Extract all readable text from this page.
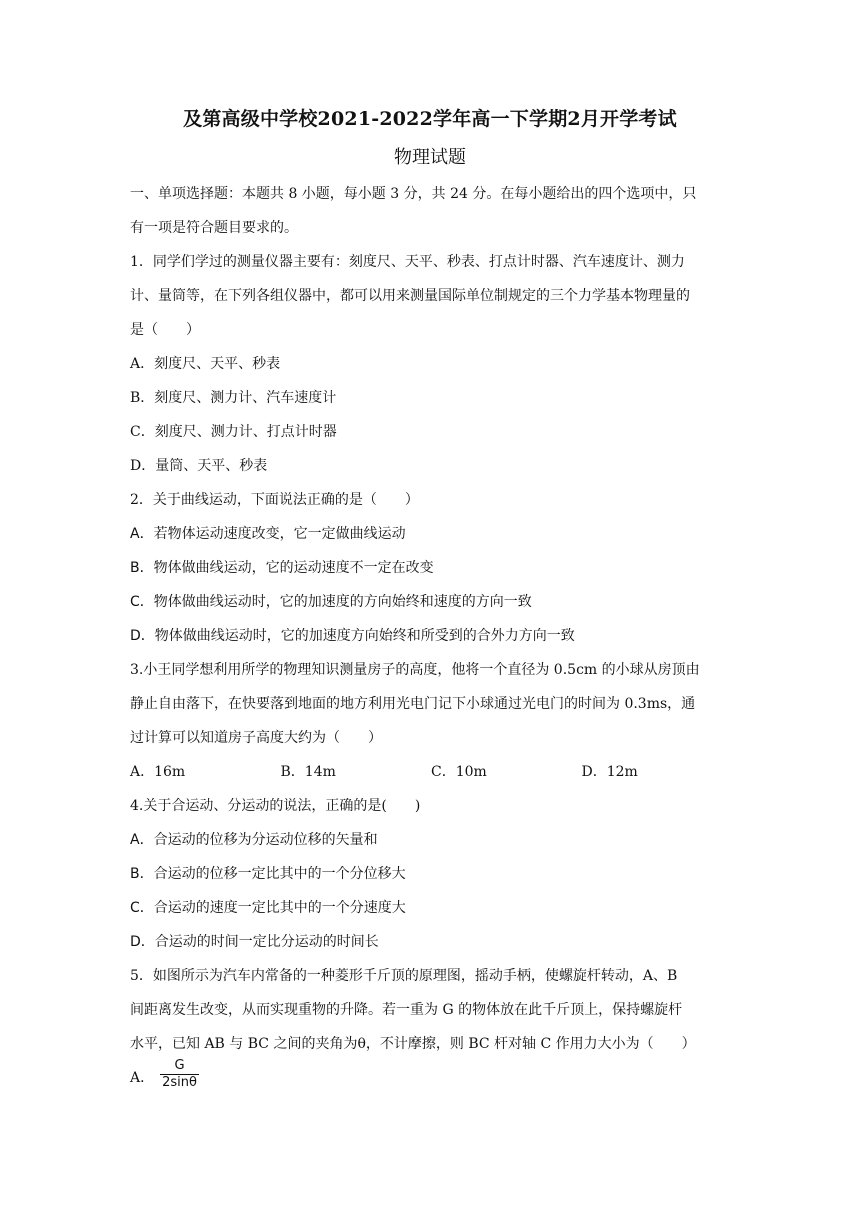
及第高级中学校2021-2022学年高一下学期2月开学考试
物理试题

一、单项选择题：本题共 8 小题，每小题 3 分，共 24 分。在每小题给出的四个选项中，只

有一项是符合题目要求的。

1．同学们学过的测量仪器主要有：刻度尺、天平、秒表、打点计时器、汽车速度计、测力

计、量筒等，在下列各组仪器中，都可以用来测量国际单位制规定的三个力学基本物理量的

是（　　）

A．刻度尺、天平、秒表

B．刻度尺、测力计、汽车速度计

C．刻度尺、测力计、打点计时器

D．量筒、天平、秒表

2．关于曲线运动，下面说法正确的是（　　）

A．若物体运动速度改变，它一定做曲线运动

B．物体做曲线运动，它的运动速度不一定在改变

C．物体做曲线运动时，它的加速度的方向始终和速度的方向一致

D．物体做曲线运动时，它的加速度方向始终和所受到的合外力方向一致

3.小王同学想利用所学的物理知识测量房子的高度，他将一个直径为 0.5cm 的小球从房顶由

静止自由落下，在快要落到地面的地方利用光电门记下小球通过光电门的时间为 0.3ms，通

过计算可以知道房子高度大约为（　　）

A．16m	B．14m	C．10m	D．12m

4.关于合运动、分运动的说法，正确的是(　　)

A．合运动的位移为分运动位移的矢量和

B．合运动的位移一定比其中的一个分位移大

C．合运动的速度一定比其中的一个分速度大

D．合运动的时间一定比分运动的时间长

5．如图所示为汽车内常备的一种菱形千斤顶的原理图，摇动手柄，使螺旋杆转动，A、B

间距离发生改变，从而实现重物的升降。若一重为 G 的物体放在此千斤顶上，保持螺旋杆

水平，已知 AB 与 BC 之间的夹角为θ，不计摩擦，则 BC 杆对轴 C 作用力大小为（　　）

A． $\frac{G}{2\sin\theta}$
